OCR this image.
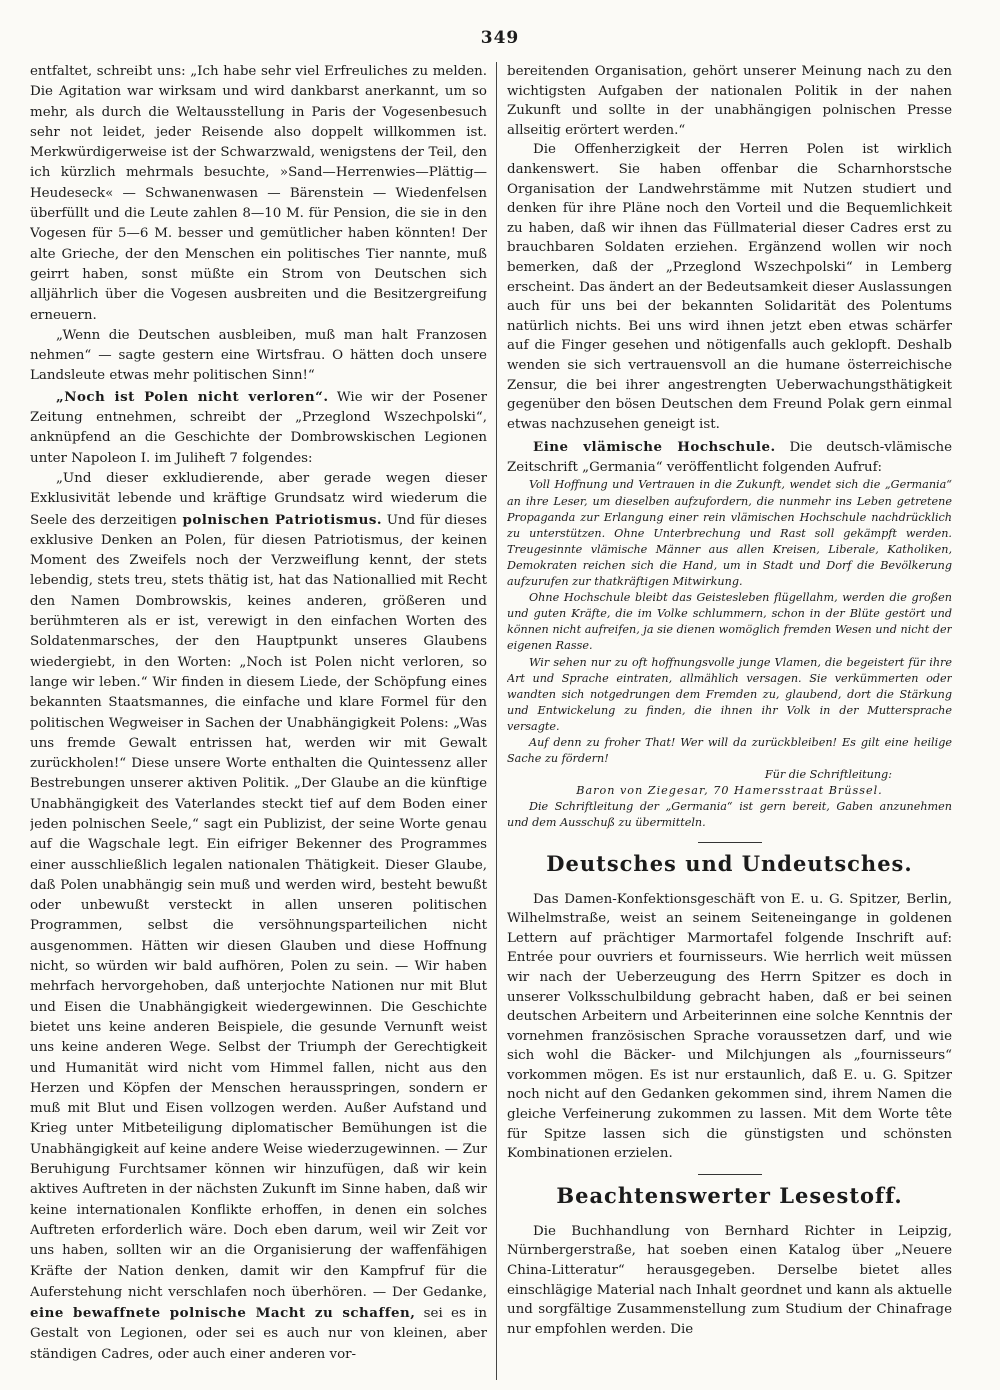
349

entfaltet, schreibt uns: „Ich habe sehr viel Erfreuliches zu melden. Die Agitation war wirksam und wird dankbarst anerkannt, um so mehr, als durch die Weltausstellung in Paris der Vogesenbesuch sehr not leidet, jeder Reisende also doppelt willkommen ist. Merkwürdigerweise ist der Schwarzwald, wenigstens der Teil, den ich kürzlich mehrmals besuchte, »Sand—Herrenwies—Plättig—Heudeseck« — Schwanenwasen — Bärenstein — Wiedenfelsen überfüllt und die Leute zahlen 8—10 M. für Pension, die sie in den Vogesen für 5—6 M. besser und gemütlicher haben könnten! Der alte Grieche, der den Menschen ein politisches Tier nannte, muß geirrt haben, sonst müßte ein Strom von Deutschen sich alljährlich über die Vogesen ausbreiten und die Besitzergreifung erneuern.

„Wenn die Deutschen ausbleiben, muß man halt Franzosen nehmen“ — sagte gestern eine Wirtsfrau. O hätten doch unsere Landsleute etwas mehr politischen Sinn!“

„Noch ist Polen nicht verloren“. Wie wir der Posener Zeitung entnehmen, schreibt der „Przeglond Wszechpolski“, anknüpfend an die Geschichte der Dombrowskischen Legionen unter Napoleon I. im Juliheft 7 folgendes:

„Und dieser exkludierende, aber gerade wegen dieser Exklusivität lebende und kräftige Grundsatz wird wiederum die Seele des derzeitigen polnischen Patriotismus. Und für dieses exklusive Denken an Polen, für diesen Patriotismus, der keinen Moment des Zweifels noch der Verzweiflung kennt, der stets lebendig, stets treu, stets thätig ist, hat das Nationallied mit Recht den Namen Dombrowskis, keines anderen, größeren und berühmteren als er ist, verewigt in den einfachen Worten des Soldatenmarsches, der den Hauptpunkt unseres Glaubens wiedergiebt, in den Worten: „Noch ist Polen nicht verloren, so lange wir leben.“ Wir finden in diesem Liede, der Schöpfung eines bekannten Staatsmannes, die einfache und klare Formel für den politischen Wegweiser in Sachen der Unabhängigkeit Polens: „Was uns fremde Gewalt entrissen hat, werden wir mit Gewalt zurückholen!“ Diese unsere Worte enthalten die Quintessenz aller Bestrebungen unserer aktiven Politik. „Der Glaube an die künftige Unabhängigkeit des Vaterlandes steckt tief auf dem Boden einer jeden polnischen Seele,“ sagt ein Publizist, der seine Worte genau auf die Wagschale legt. Ein eifriger Bekenner des Programmes einer ausschließlich legalen nationalen Thätigkeit. Dieser Glaube, daß Polen unabhängig sein muß und werden wird, besteht bewußt oder unbewußt versteckt in allen unseren politischen Programmen, selbst die versöhnungsparteilichen nicht ausgenommen. Hätten wir diesen Glauben und diese Hoffnung nicht, so würden wir bald aufhören, Polen zu sein. — Wir haben mehrfach hervorgehoben, daß unterjochte Nationen nur mit Blut und Eisen die Unabhängigkeit wiedergewinnen. Die Geschichte bietet uns keine anderen Beispiele, die gesunde Vernunft weist uns keine anderen Wege. Selbst der Triumph der Gerechtigkeit und Humanität wird nicht vom Himmel fallen, nicht aus den Herzen und Köpfen der Menschen herausspringen, sondern er muß mit Blut und Eisen vollzogen werden. Außer Aufstand und Krieg unter Mitbeteiligung diplomatischer Bemühungen ist die Unabhängigkeit auf keine andere Weise wiederzugewinnen. — Zur Beruhigung Furchtsamer können wir hinzufügen, daß wir kein aktives Auftreten in der nächsten Zukunft im Sinne haben, daß wir keine internationalen Konflikte erhoffen, in denen ein solches Auftreten erforderlich wäre. Doch eben darum, weil wir Zeit vor uns haben, sollten wir an die Organisierung der waffenfähigen Kräfte der Nation denken, damit wir den Kampfruf für die Auferstehung nicht verschlafen noch überhören. — Der Gedanke, eine bewaffnete polnische Macht zu schaffen, sei es in Gestalt von Legionen, oder sei es auch nur von kleinen, aber ständigen Cadres, oder auch einer anderen vor-

bereitenden Organisation, gehört unserer Meinung nach zu den wichtigsten Aufgaben der nationalen Politik in der nahen Zukunft und sollte in der unabhängigen polnischen Presse allseitig erörtert werden.“

Die Offenherzigkeit der Herren Polen ist wirklich dankenswert. Sie haben offenbar die Scharnhorstsche Organisation der Landwehrstämme mit Nutzen studiert und denken für ihre Pläne noch den Vorteil und die Bequemlichkeit zu haben, daß wir ihnen das Füllmaterial dieser Cadres erst zu brauchbaren Soldaten erziehen. Ergänzend wollen wir noch bemerken, daß der „Przeglond Wszechpolski“ in Lemberg erscheint. Das ändert an der Bedeutsamkeit dieser Auslassungen auch für uns bei der bekannten Solidarität des Polentums natürlich nichts. Bei uns wird ihnen jetzt eben etwas schärfer auf die Finger gesehen und nötigenfalls auch geklopft. Deshalb wenden sie sich vertrauensvoll an die humane österreichische Zensur, die bei ihrer angestrengten Ueberwachungsthätigkeit gegenüber den bösen Deutschen dem Freund Polak gern einmal etwas nachzusehen geneigt ist.

Eine vlämische Hochschule. Die deutsch-vlämische Zeitschrift „Germania“ veröffentlicht folgenden Aufruf:

Voll Hoffnung und Vertrauen in die Zukunft, wendet sich die „Germania“ an ihre Leser, um dieselben aufzufordern, die nunmehr ins Leben getretene Propaganda zur Erlangung einer rein vlämischen Hochschule nachdrücklich zu unterstützen. Ohne Unterbrechung und Rast soll gekämpft werden. Treugesinnte vlämische Männer aus allen Kreisen, Liberale, Katholiken, Demokraten reichen sich die Hand, um in Stadt und Dorf die Bevölkerung aufzurufen zur thatkräftigen Mitwirkung.

Ohne Hochschule bleibt das Geistesleben flügellahm, werden die großen und guten Kräfte, die im Volke schlummern, schon in der Blüte gestört und können nicht aufreifen, ja sie dienen womöglich fremden Wesen und nicht der eigenen Rasse.

Wir sehen nur zu oft hoffnungsvolle junge Vlamen, die begeistert für ihre Art und Sprache eintraten, allmählich versagen. Sie verkümmerten oder wandten sich notgedrungen dem Fremden zu, glaubend, dort die Stärkung und Entwickelung zu finden, die ihnen ihr Volk in der Muttersprache versagte.

Auf denn zu froher That! Wer will da zurückbleiben! Es gilt eine heilige Sache zu fördern!

Für die Schriftleitung:

Baron von Ziegesar, 70 Hamersstraat Brüssel.

Die Schriftleitung der „Germania“ ist gern bereit, Gaben anzunehmen und dem Ausschuß zu übermitteln.

Deutsches und Undeutsches.

Das Damen-Konfektionsgeschäft von E. u. G. Spitzer, Berlin, Wilhelmstraße, weist an seinem Seiteneingange in goldenen Lettern auf prächtiger Marmortafel folgende Inschrift auf: Entrée pour ouvriers et fournisseurs. Wie herrlich weit müssen wir nach der Ueberzeugung des Herrn Spitzer es doch in unserer Volksschulbildung gebracht haben, daß er bei seinen deutschen Arbeitern und Arbeiterinnen eine solche Kenntnis der vornehmen französischen Sprache voraussetzen darf, und wie sich wohl die Bäcker- und Milchjungen als „fournisseurs“ vorkommen mögen. Es ist nur erstaunlich, daß E. u. G. Spitzer noch nicht auf den Gedanken gekommen sind, ihrem Namen die gleiche Verfeinerung zukommen zu lassen. Mit dem Worte tête für Spitze lassen sich die günstigsten und schönsten Kombinationen erzielen.

Beachtenswerter Lesestoff.

Die Buchhandlung von Bernhard Richter in Leipzig, Nürnbergerstraße, hat soeben einen Katalog über „Neuere China-Litteratur“ herausgegeben. Derselbe bietet alles einschlägige Material nach Inhalt geordnet und kann als aktuelle und sorgfältige Zusammenstellung zum Studium der Chinafrage nur empfohlen werden. Die
